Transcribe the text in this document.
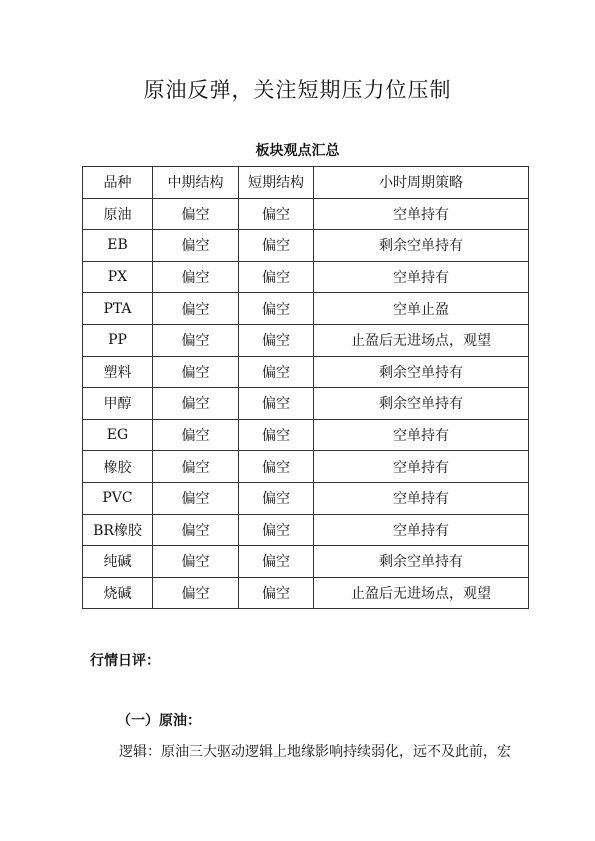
原油反弹，关注短期压力位压制
板块观点汇总
品种	中期结构	短期结构	小时周期策略
原油	偏空	偏空	空单持有
EB	偏空	偏空	剩余空单持有
PX	偏空	偏空	空单持有
PTA	偏空	偏空	空单止盈
PP	偏空	偏空	止盈后无进场点，观望
塑料	偏空	偏空	剩余空单持有
甲醇	偏空	偏空	剩余空单持有
EG	偏空	偏空	空单持有
橡胶	偏空	偏空	空单持有
PVC	偏空	偏空	空单持有
BR橡胶	偏空	偏空	空单持有
纯碱	偏空	偏空	剩余空单持有
烧碱	偏空	偏空	止盈后无进场点，观望

行情日评：

（一）原油：

逻辑：原油三大驱动逻辑上地缘影响持续弱化，远不及此前，宏
